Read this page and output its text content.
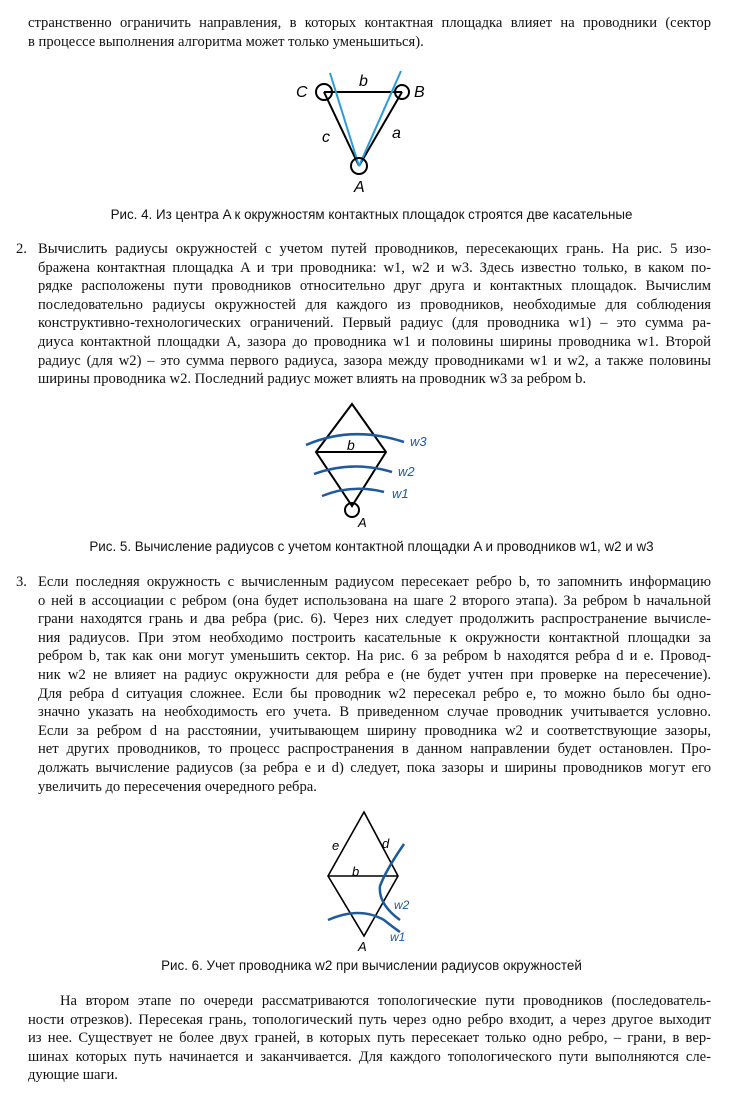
странственно ограничить направления, в которых контактная площадка влияет на проводники (сектор
в процессе выполнения алгоритма может только уменьшиться).
C	B
b
c	a
A
Рис. 4. Из центра A к окружностям контактных площадок строятся две касательные
2. Вычислить радиусы окружностей с учетом путей проводников, пересекающих грань. На рис. 5 изо-
бражена контактная площадка A и три проводника: w1, w2 и w3. Здесь известно только, в каком по-
рядке расположены пути проводников относительно друг друга и контактных площадок. Вычислим
последовательно радиусы окружностей для каждого из проводников, необходимые для соблюдения
конструктивно-технологических ограничений. Первый радиус (для проводника w1) – это сумма ра-
диуса контактной площадки A, зазора до проводника w1 и половины ширины проводника w1. Второй
радиус (для w2) – это сумма первого радиуса, зазора между проводниками w1 и w2, а также половины
ширины проводника w2. Последний радиус может влиять на проводник w3 за ребром b.
b	w3
w2
w1
A
Рис. 5. Вычисление радиусов с учетом контактной площадки A и проводников w1, w2 и w3
3. Если последняя окружность с вычисленным радиусом пересекает ребро b, то запомнить информацию
о ней в ассоциации с ребром (она будет использована на шаге 2 второго этапа). За ребром b начальной
грани находятся грань и два ребра (рис. 6). Через них следует продолжить распространение вычисле-
ния радиусов. При этом необходимо построить касательные к окружности контактной площадки за
ребром b, так как они могут уменьшить сектор. На рис. 6 за ребром b находятся ребра d и e. Провод-
ник w2 не влияет на радиус окружности для ребра e (не будет учтен при проверке на пересечение).
Для ребра d ситуация сложнее. Если бы проводник w2 пересекал ребро e, то можно было бы одно-
значно указать на необходимость его учета. В приведенном случае проводник учитывается условно.
Если за ребром d на расстоянии, учитывающем ширину проводника w2 и соответствующие зазоры,
нет других проводников, то процесс распространения в данном направлении будет остановлен. Про-
должать вычисление радиусов (за ребра e и d) следует, пока зазоры и ширины проводников могут его
увеличить до пересечения очередного ребра.
e	d
b
w2
w1
A
Рис. 6. Учет проводника w2 при вычислении радиусов окружностей
На втором этапе по очереди рассматриваются топологические пути проводников (последователь-
ности отрезков). Пересекая грань, топологический путь через одно ребро входит, а через другое выходит
из нее. Существует не более двух граней, в которых путь пересекает только одно ребро, – грани, в вер-
шинах которых путь начинается и заканчивается. Для каждого топологического пути выполняются сле-
дующие шаги.
